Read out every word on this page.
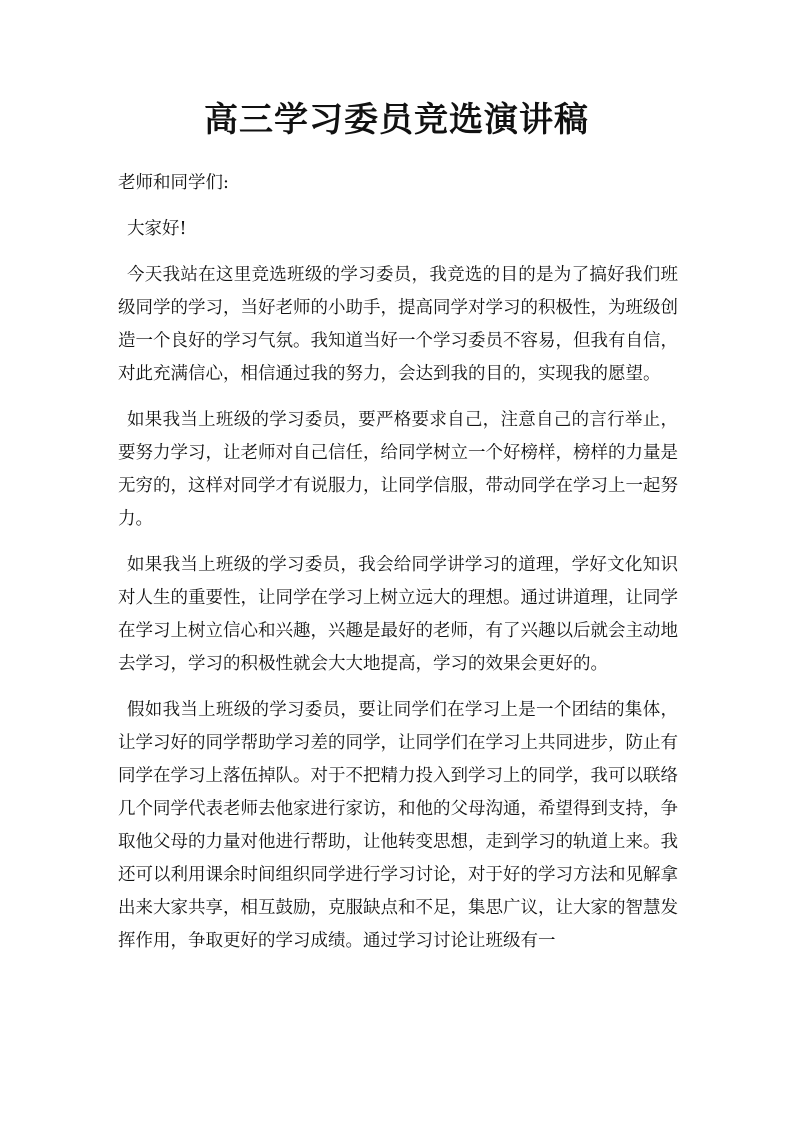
高三学习委员竞选演讲稿

老师和同学们:

大家好!

今天我站在这里竞选班级的学习委员，我竞选的目的是为了搞好我们班级同学的学习，当好老师的小助手，提高同学对学习的积极性，为班级创造一个良好的学习气氛。我知道当好一个学习委员不容易，但我有自信，对此充满信心，相信通过我的努力，会达到我的目的，实现我的愿望。

如果我当上班级的学习委员，要严格要求自己，注意自己的言行举止，要努力学习，让老师对自己信任，给同学树立一个好榜样，榜样的力量是无穷的，这样对同学才有说服力，让同学信服，带动同学在学习上一起努力。

如果我当上班级的学习委员，我会给同学讲学习的道理，学好文化知识对人生的重要性，让同学在学习上树立远大的理想。通过讲道理，让同学在学习上树立信心和兴趣，兴趣是最好的老师，有了兴趣以后就会主动地去学习，学习的积极性就会大大地提高，学习的效果会更好的。

假如我当上班级的学习委员，要让同学们在学习上是一个团结的集体，让学习好的同学帮助学习差的同学，让同学们在学习上共同进步，防止有同学在学习上落伍掉队。对于不把精力投入到学习上的同学，我可以联络几个同学代表老师去他家进行家访，和他的父母沟通，希望得到支持，争取他父母的力量对他进行帮助，让他转变思想，走到学习的轨道上来。我还可以利用课余时间组织同学进行学习讨论，对于好的学习方法和见解拿出来大家共享，相互鼓励，克服缺点和不足，集思广议，让大家的智慧发挥作用，争取更好的学习成绩。通过学习讨论让班级有一
